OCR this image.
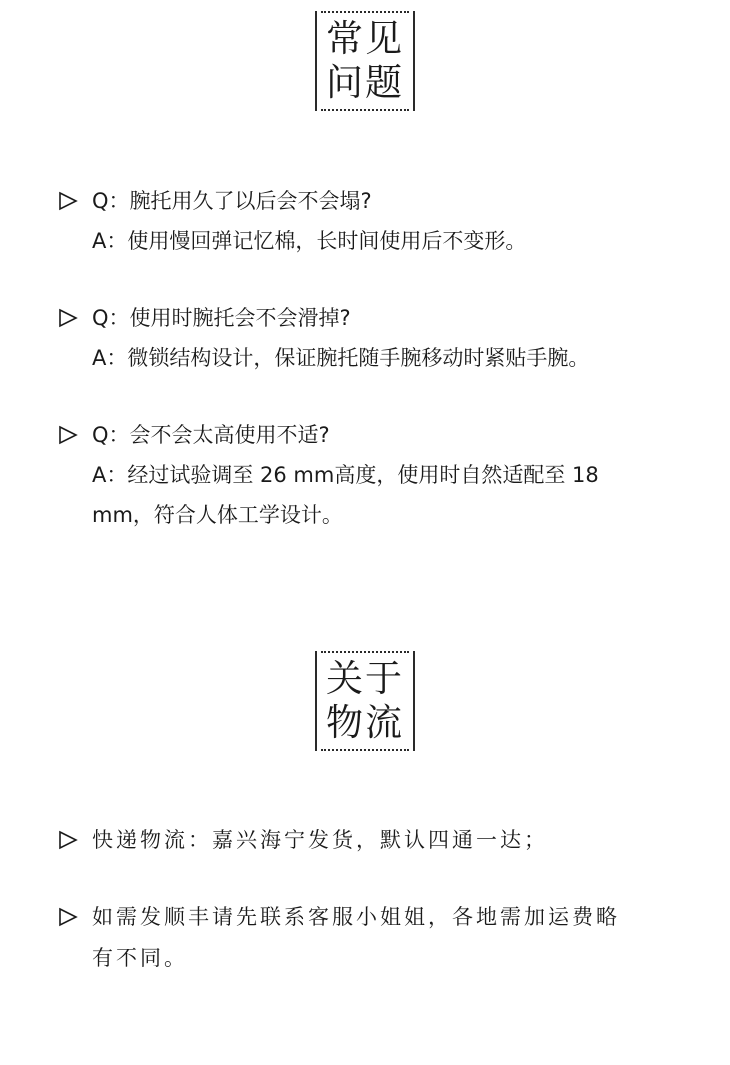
常见
问题
Q：腕托用久了以后会不会塌?
A：使用慢回弹记忆棉，长时间使用后不变形。
Q：使用时腕托会不会滑掉?
A：微锁结构设计，保证腕托随手腕移动时紧贴手腕。
Q：会不会太高使用不适?
A：经过试验调至 26 mm高度，使用时自然适配至 18
mm，符合人体工学设计。
关于
物流
快递物流：嘉兴海宁发货，默认四通一达；
如需发顺丰请先联系客服小姐姐，各地需加运费略
有不同。
